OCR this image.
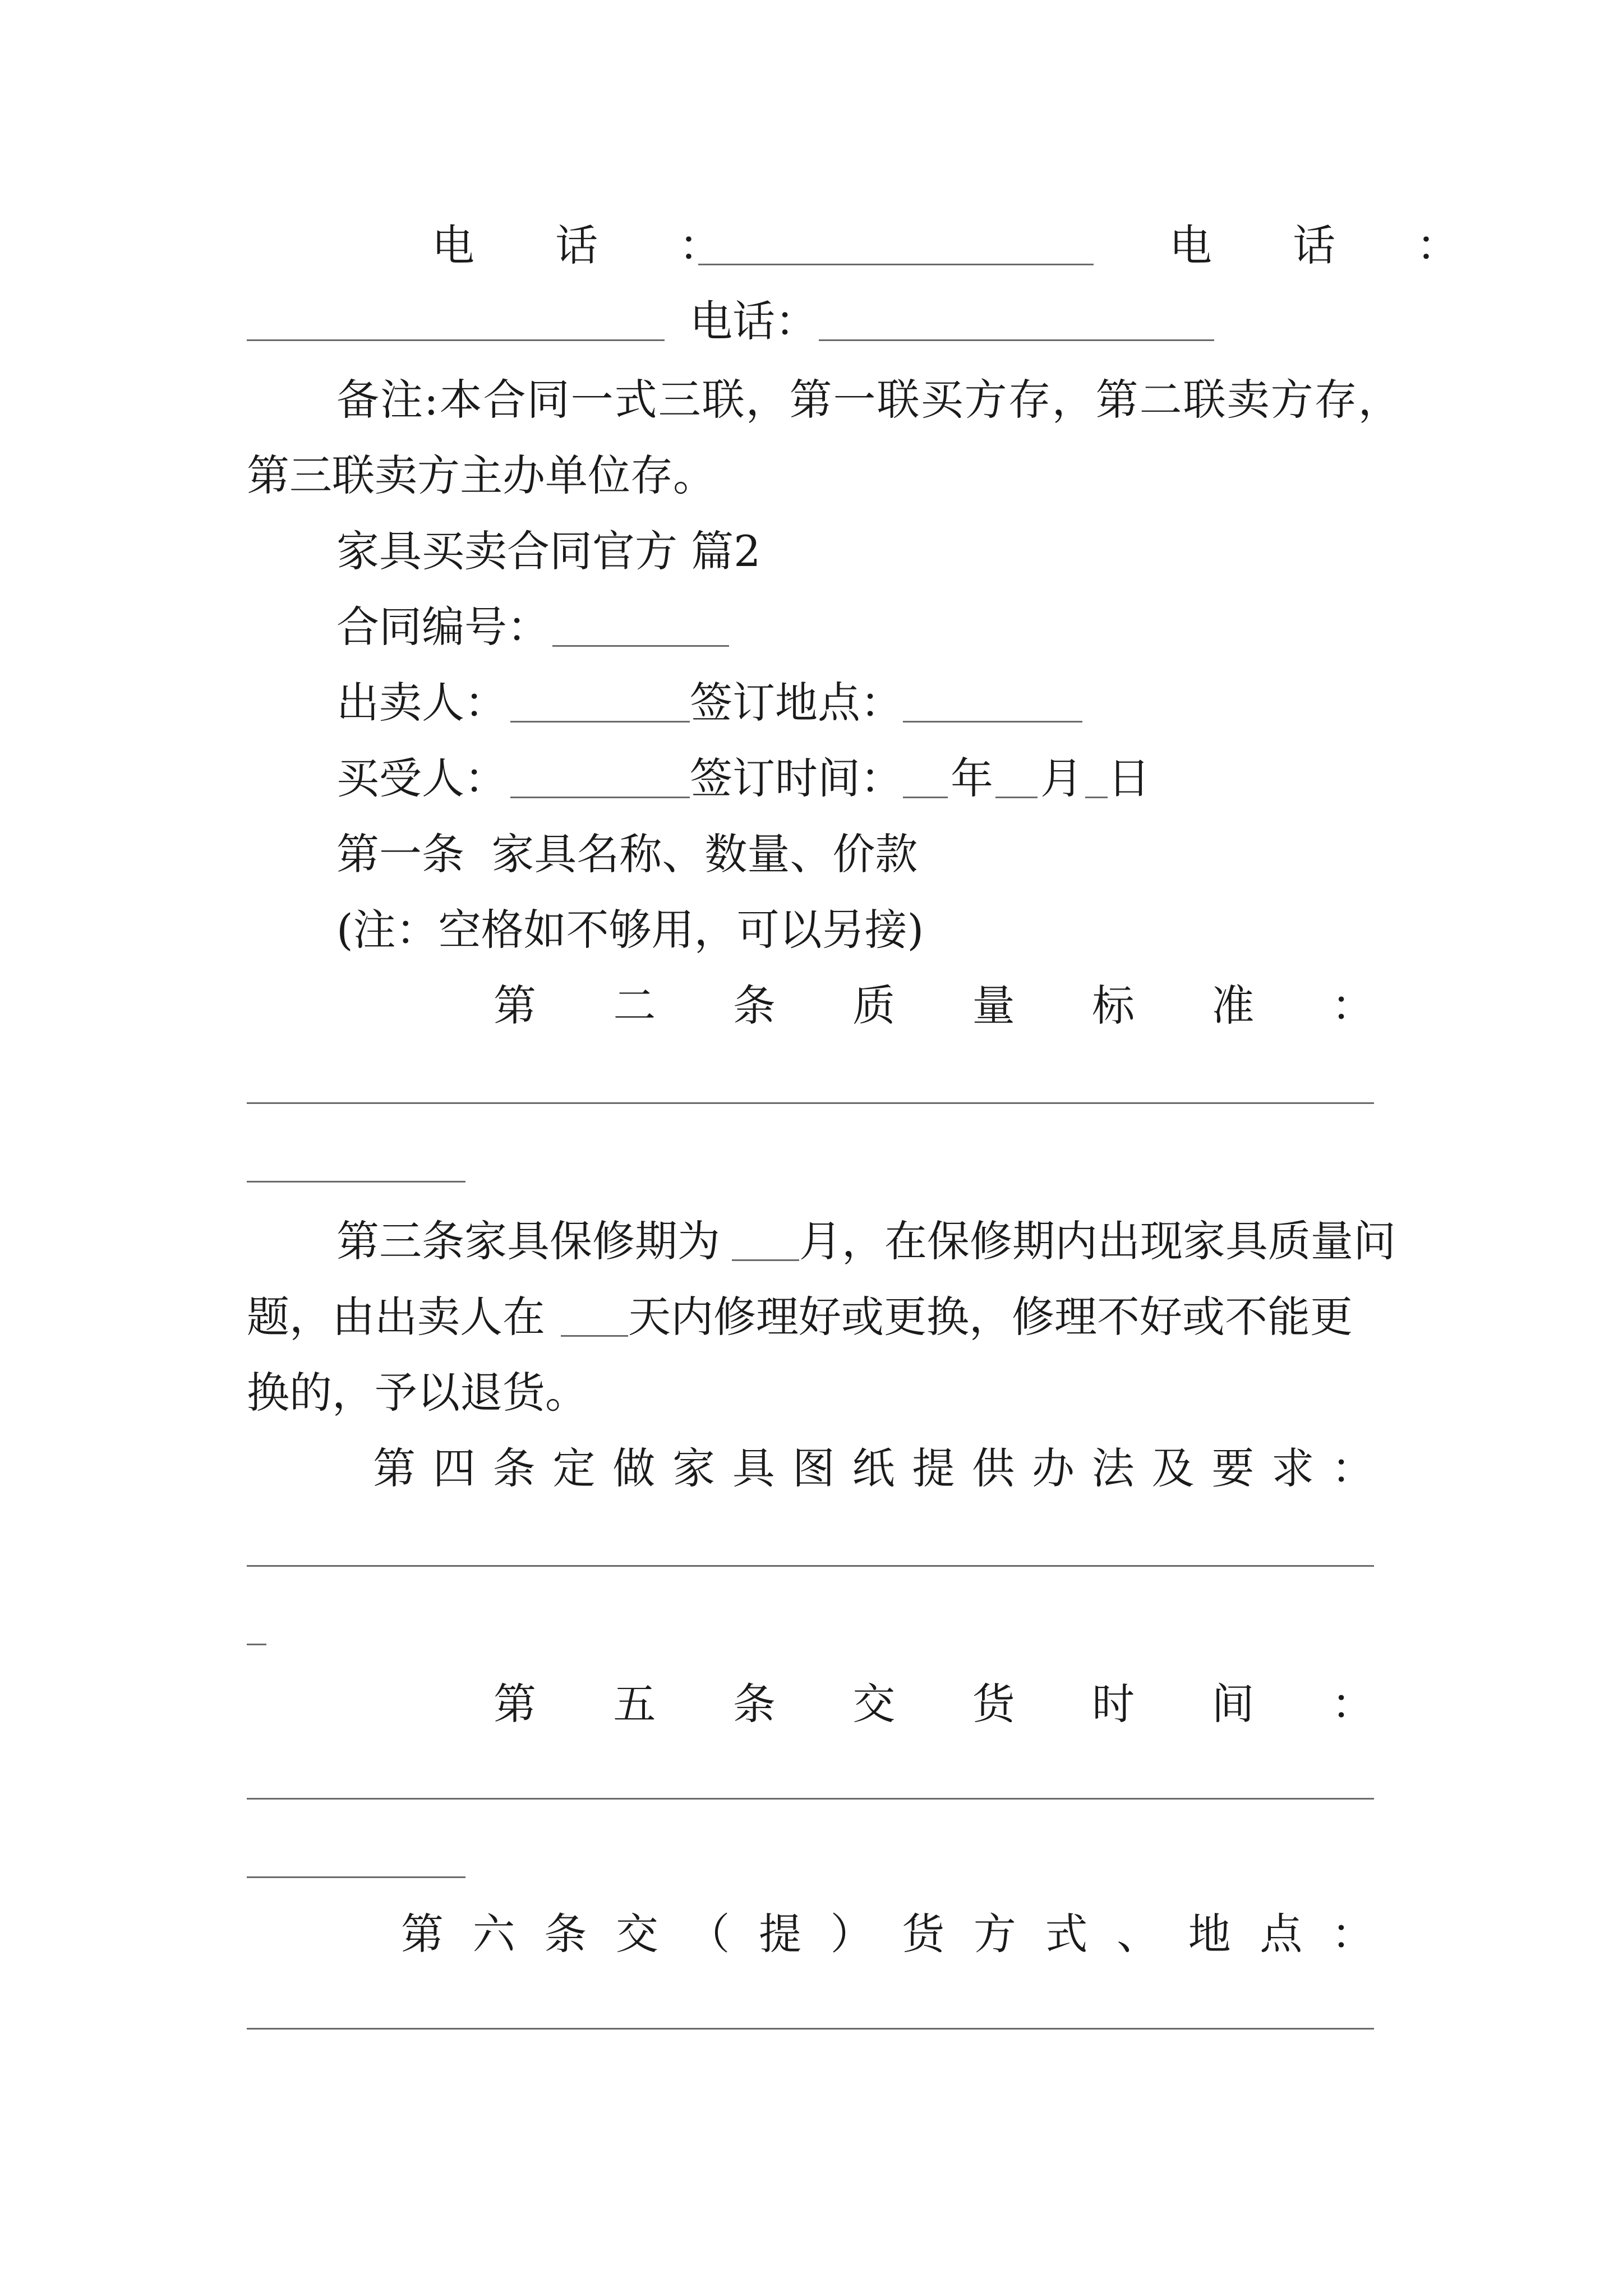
电 话 ：	电 话 ：
电话：
备注:本合同一式三联，第一联买方存，第二联卖方存，
第三联卖方主办单位存。
家具买卖合同官方 篇2
合同编号：
出卖人：	签订地点：
买受人：	签订时间： 年 月 日
第一条  家具名称、数量、价款
(注：空格如不够用，可以另接)
第 二 条 质 量 标 准 ：
第三条家具保修期为 月，在保修期内出现家具质量问
题，由出卖人在 天内修理好或更换，修理不好或不能更
换的，予以退货。
第 四 条 定 做 家 具 图 纸 提 供 办 法 及 要 求 ：
第 五 条 交 货 时 间 ：
第 六 条 交 （ 提 ） 货 方 式 、 地 点 ：
